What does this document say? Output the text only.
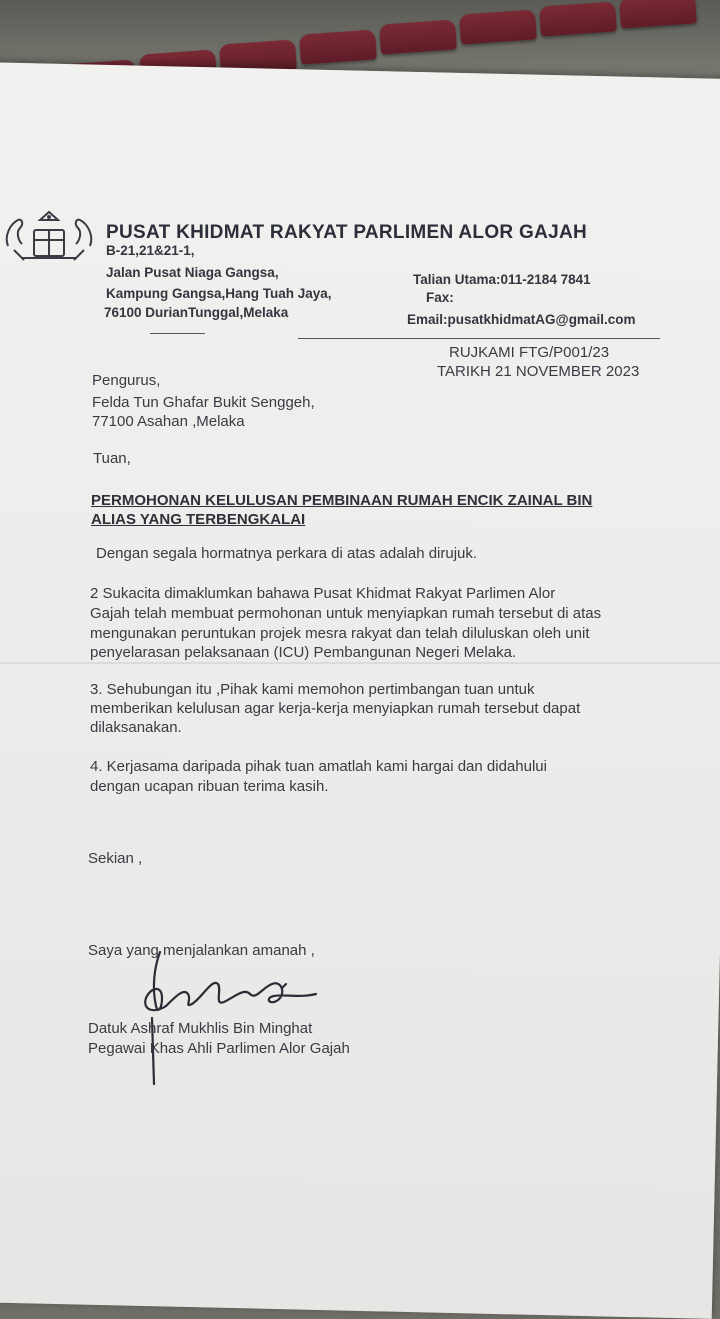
PUSAT KHIDMAT RAKYAT PARLIMEN ALOR GAJAH
B-21,21&21-1,
Jalan Pusat Niaga Gangsa,
Kampung Gangsa,Hang Tuah Jaya,
76100 DurianTunggal,Melaka
Talian Utama:011-2184 7841
Fax:
Email:pusatkhidmatAG@gmail.com
RUJKAMI FTG/P001/23
TARIKH 21 NOVEMBER 2023
Pengurus,
Felda Tun Ghafar Bukit Senggeh,
77100 Asahan ,Melaka
Tuan,
PERMOHONAN KELULUSAN PEMBINAAN RUMAH ENCIK ZAINAL BIN
ALIAS YANG TERBENGKALAI
Dengan segala hormatnya perkara di atas adalah dirujuk.
2 Sukacita dimaklumkan bahawa Pusat Khidmat Rakyat Parlimen Alor
Gajah telah membuat permohonan untuk menyiapkan rumah tersebut di atas
mengunakan peruntukan projek mesra rakyat dan telah diluluskan oleh unit
penyelarasan pelaksanaan (ICU) Pembangunan Negeri Melaka.
3. Sehubungan itu ,Pihak kami memohon pertimbangan tuan untuk
memberikan kelulusan agar kerja-kerja menyiapkan rumah tersebut dapat
dilaksanakan.
4. Kerjasama daripada pihak tuan amatlah kami hargai dan didahului
dengan ucapan ribuan terima kasih.
Sekian ,
Saya yang menjalankan amanah ,
Datuk Ashraf Mukhlis Bin Minghat
Pegawai Khas Ahli Parlimen Alor Gajah
